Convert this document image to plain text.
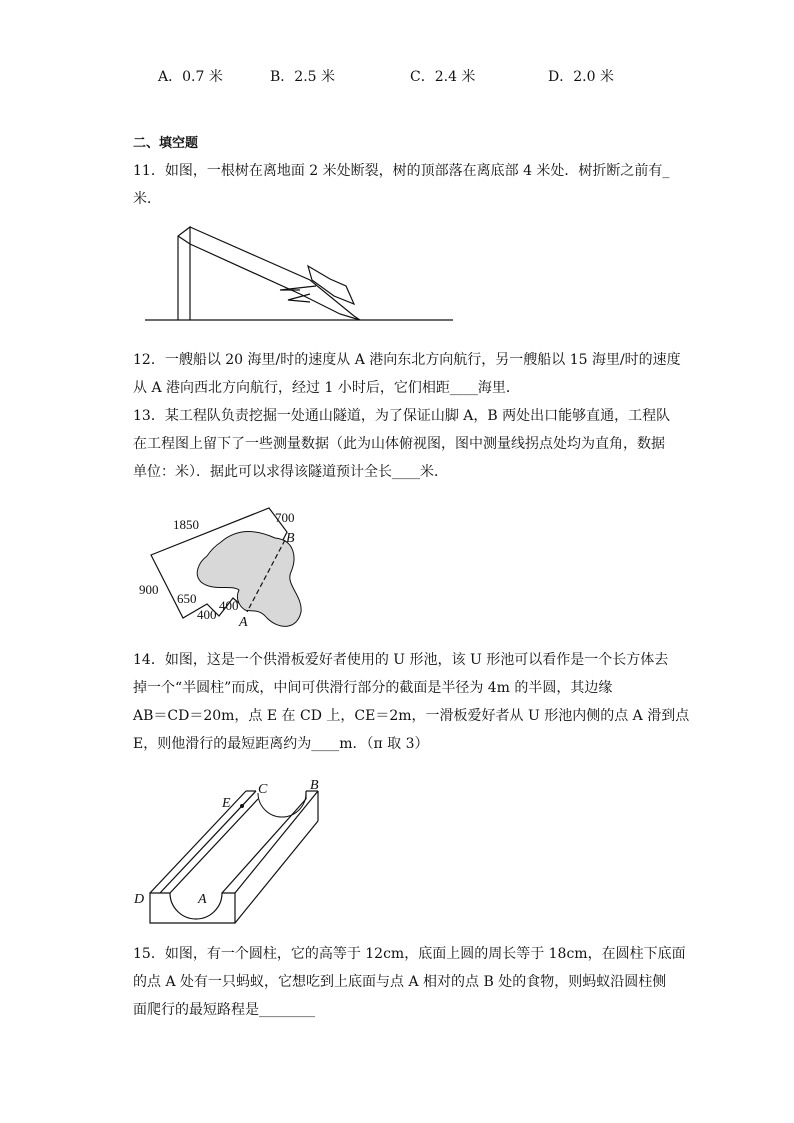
A．0.7 米	B．2.5 米	C．2.4 米	D．2.0 米
二、填空题
11．如图，一根树在离地面 2 米处断裂，树的顶部落在离底部 4 米处．树折断之前有_
米．
12．一艘船以 20 海里/时的速度从 A 港向东北方向航行，另一艘船以 15 海里/时的速度
从 A 港向西北方向航行，经过 1 小时后，它们相距____海里．
13．某工程队负责挖掘一处通山隧道，为了保证山脚 A，B 两处出口能够直通，工程队
在工程图上留下了一些测量数据（此为山体俯视图，图中测量线拐点处均为直角，数据
单位：米）．据此可以求得该隧道预计全长____米．
1850	700
B
900
650 400
400
A
14．如图，这是一个供滑板爱好者使用的 U 形池，该 U 形池可以看作是一个长方体去
掉一个“半圆柱”而成，中间可供滑行部分的截面是半径为 4m 的半圆，其边缘
AB＝CD＝20m，点 E 在 CD 上，CE＝2m，一滑板爱好者从 U 形池内侧的点 A 滑到点
E，则他滑行的最短距离约为____m．（π 取 3）
E
C	B
D	A
15．如图，有一个圆柱，它的高等于 12cm，底面上圆的周长等于 18cm，在圆柱下底面
的点 A 处有一只蚂蚁，它想吃到上底面与点 A 相对的点 B 处的食物，则蚂蚁沿圆柱侧
面爬行的最短路程是________
